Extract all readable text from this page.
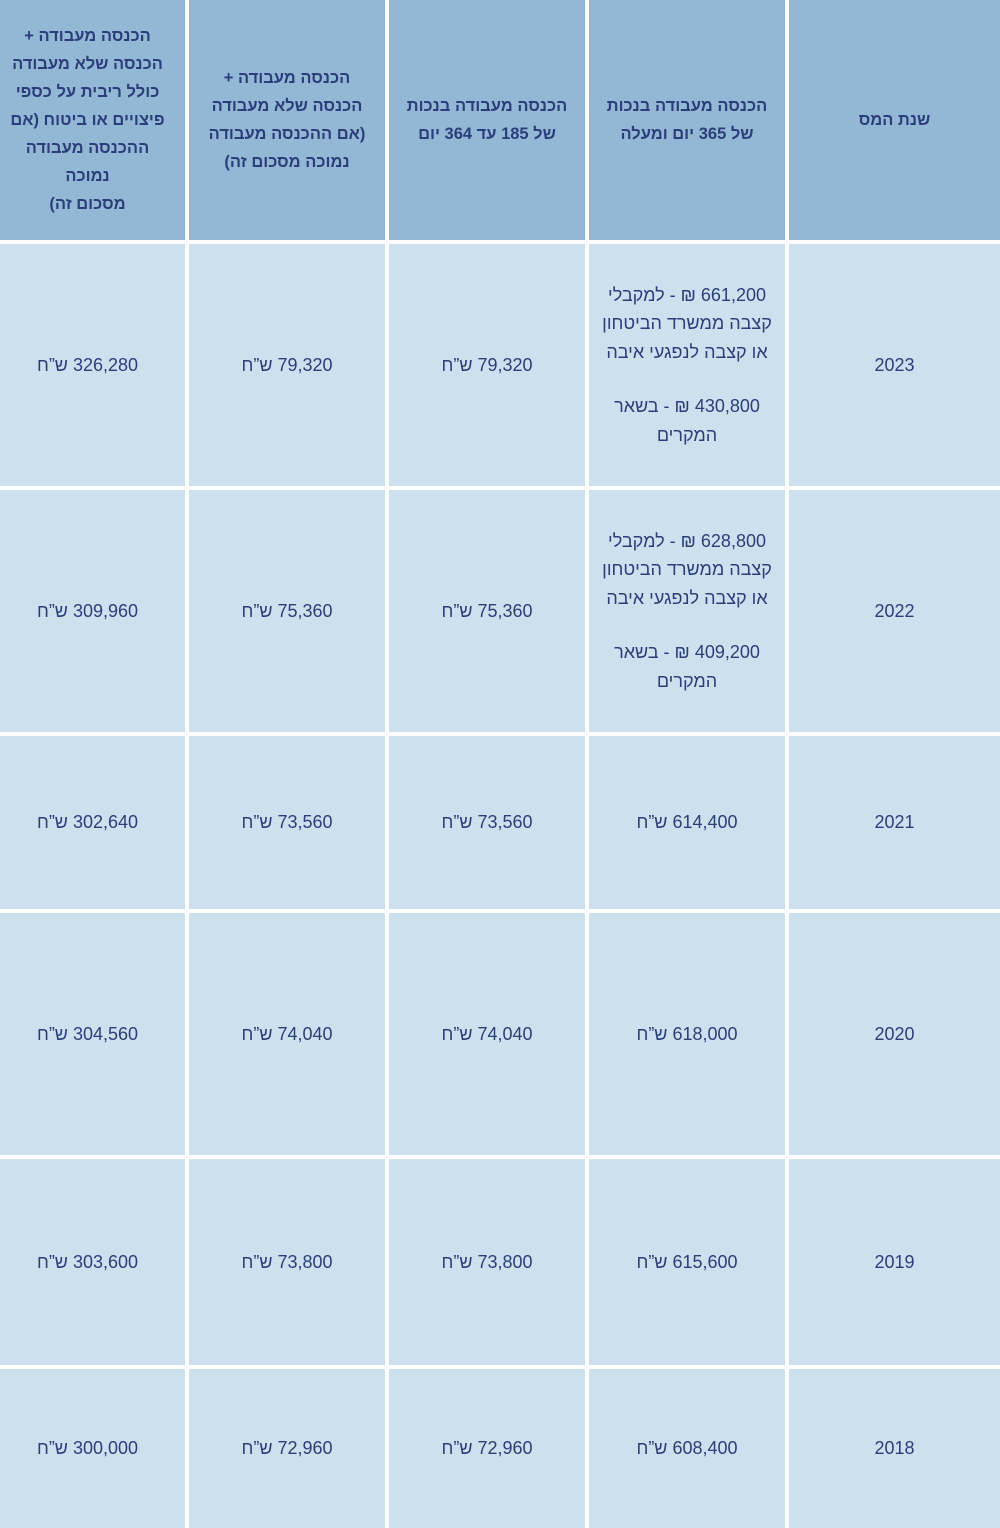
שנת המס
הכנסה מעבודה בנכות
של 365 יום ומעלה
הכנסה מעבודה בנכות
של 185 עד 364 יום
הכנסה מעבודה +
הכנסה שלא מעבודה
(אם ההכנסה מעבודה
נמוכה מסכום זה)
הכנסה מעבודה +
הכנסה שלא מעבודה
כולל ריבית על כספי
פיצויים או ביטוח (אם
ההכנסה מעבודה נמוכה
מסכום זה)
2023
661,200 ₪ - למקבלי
קצבה ממשרד הביטחון
או קצבה לנפגעי איבה
430,800 ₪ - בשאר
המקרים
79,320 ש”ח
79,320 ש”ח
326,280 ש”ח
2022
628,800 ₪ - למקבלי
קצבה ממשרד הביטחון
או קצבה לנפגעי איבה
409,200 ₪ - בשאר
המקרים
75,360 ש”ח
75,360 ש”ח
309,960 ש”ח
2021
614,400 ש”ח
73,560 ש”ח
73,560 ש”ח
302,640 ש”ח
2020
618,000 ש”ח
74,040 ש”ח
74,040 ש”ח
304,560 ש”ח
2019
615,600 ש”ח
73,800 ש”ח
73,800 ש”ח
303,600 ש”ח
2018
608,400 ש”ח
72,960 ש”ח
72,960 ש”ח
300,000 ש”ח
